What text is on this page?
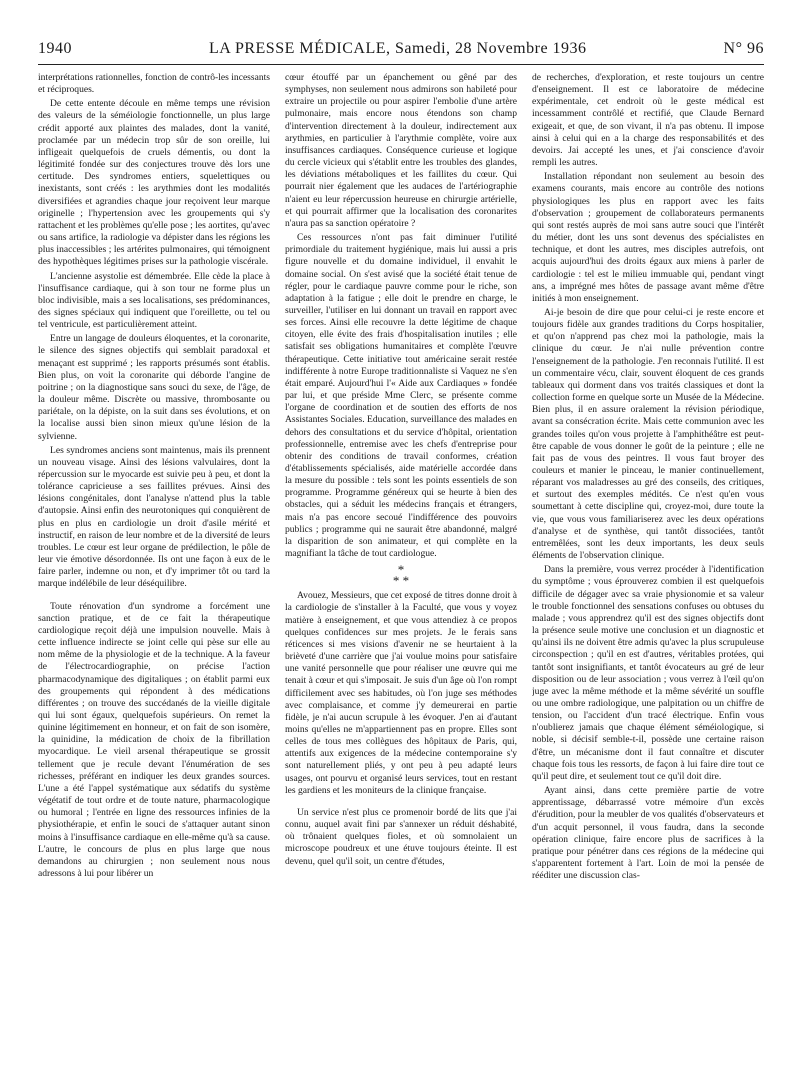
1940	LA PRESSE MÉDICALE, Samedi, 28 Novembre 1936	N° 96

interprétations rationnelles, fonction de contrô-les incessants et réciproques.

De cette entente découle en même temps une révision des valeurs de la séméiologie fonctionnelle, un plus large crédit apporté aux plaintes des malades, dont la vanité, proclamée par un médecin trop sûr de son oreille, lui infligeait quelquefois de cruels démentis, ou dont la légitimité fondée sur des conjectures trouve dès lors une certitude. Des syndromes entiers, squelettiques ou inexistants, sont créés : les arythmies dont les modalités diversifiées et agrandies chaque jour reçoivent leur marque originelle ; l'hypertension avec les groupements qui s'y rattachent et les problèmes qu'elle pose ; les aortites, qu'avec ou sans artifice, la radiologie va dépister dans les régions les plus inaccessibles ; les artérites pulmonaires, qui témoignent des hypothèques légitimes prises sur la pathologie viscérale.

L'ancienne asystolie est démembrée. Elle cède la place à l'insuffisance cardiaque, qui à son tour ne forme plus un bloc indivisible, mais a ses localisations, ses prédominances, des signes spéciaux qui indiquent que l'oreillette, ou tel ou tel ventricule, est particulièrement atteint.

Entre un langage de douleurs éloquentes, et la coronarite, le silence des signes objectifs qui semblait paradoxal et menaçant est supprimé ; les rapports présumés sont établis. Bien plus, on voit la coronarite qui déborde l'angine de poitrine ; on la diagnostique sans souci du sexe, de l'âge, de la douleur même. Discrète ou massive, thrombosante ou pariétale, on la dépiste, on la suit dans ses évolutions, et on la localise aussi bien sinon mieux qu'une lésion de la sylvienne.

Les syndromes anciens sont maintenus, mais ils prennent un nouveau visage. Ainsi des lésions valvulaires, dont la répercussion sur le myocarde est suivie peu à peu, et dont la tolérance capricieuse a ses faillites prévues. Ainsi des lésions congénitales, dont l'analyse n'attend plus la table d'autopsie. Ainsi enfin des neurotoniques qui conquièrent de plus en plus en cardiologie un droit d'asile mérité et instructif, en raison de leur nombre et de la diversité de leurs troubles. Le cœur est leur organe de prédilection, le pôle de leur vie émotive désordonnée. Ils ont une façon à eux de le faire parler, indemne ou non, et d'y imprimer tôt ou tard la marque indélébile de leur déséquilibre.

Toute rénovation d'un syndrome a forcément une sanction pratique, et de ce fait la thérapeutique cardiologique reçoit déjà une impulsion nouvelle. Mais à cette influence indirecte se joint celle qui pèse sur elle au nom même de la physiologie et de la technique. A la faveur de l'électrocardiographie, on précise l'action pharmacodynamique des digitaliques ; on établit parmi eux des groupements qui répondent à des médications différentes ; on trouve des succédanés de la vieille digitale qui lui sont égaux, quelquefois supérieurs. On remet la quinine légitimement en honneur, et on fait de son isomère, la quinidine, la médication de choix de la fibrillation myocardique. Le vieil arsenal thérapeutique se grossit tellement que je recule devant l'énumération de ses richesses, préférant en indiquer les deux grandes sources. L'une a été l'appel systématique aux sédatifs du système végétatif de tout ordre et de toute nature, pharmacologique ou humoral ; l'entrée en ligne des ressources infinies de la physiothérapie, et enfin le souci de s'attaquer autant sinon moins à l'insuffisance cardiaque en elle-même qu'à sa cause. L'autre, le concours de plus en plus large que nous demandons au chirurgien ; non seulement nous nous adressons à lui pour libérer un

cœur étouffé par un épanchement ou gêné par des symphyses, non seulement nous admirons son habileté pour extraire un projectile ou pour aspirer l'embolie d'une artère pulmonaire, mais encore nous étendons son champ d'intervention directement à la douleur, indirectement aux arythmies, en particulier à l'arythmie complète, voire aux insuffisances cardiaques. Conséquence curieuse et logique du cercle vicieux qui s'établit entre les troubles des glandes, les déviations métaboliques et les faillites du cœur. Qui pourrait nier également que les audaces de l'artériographie n'aient eu leur répercussion heureuse en chirurgie artérielle, et qui pourrait affirmer que la localisation des coronarites n'aura pas sa sanction opératoire ?

Ces ressources n'ont pas fait diminuer l'utilité primordiale du traitement hygiénique, mais lui aussi a pris figure nouvelle et du domaine individuel, il envahit le domaine social. On s'est avisé que la société était tenue de régler, pour le cardiaque pauvre comme pour le riche, son adaptation à la fatigue ; elle doit le prendre en charge, le surveiller, l'utiliser en lui donnant un travail en rapport avec ses forces. Ainsi elle recouvre la dette légitime de chaque citoyen, elle évite des frais d'hospitalisation inutiles ; elle satisfait ses obligations humanitaires et complète l'œuvre thérapeutique. Cette initiative tout américaine serait restée indifférente à notre Europe traditionnaliste si Vaquez ne s'en était emparé. Aujourd'hui l'« Aide aux Cardiaques » fondée par lui, et que préside Mme Clerc, se présente comme l'organe de coordination et de soutien des efforts de nos Assistantes Sociales. Education, surveillance des malades en dehors des consultations et du service d'hôpital, orientation professionnelle, entremise avec les chefs d'entreprise pour obtenir des conditions de travail conformes, création d'établissements spécialisés, aide matérielle accordée dans la mesure du possible : tels sont les points essentiels de son programme. Programme généreux qui se heurte à bien des obstacles, qui a séduit les médecins français et étrangers, mais n'a pas encore secoué l'indifférence des pouvoirs publics ; programme qui ne saurait être abandonné, malgré la disparition de son animateur, et qui complète en la magnifiant la tâche de tout cardiologue.

*
* *

Avouez, Messieurs, que cet exposé de titres donne droit à la cardiologie de s'installer à la Faculté, que vous y voyez matière à enseignement, et que vous attendiez à ce propos quelques confidences sur mes projets. Je le ferais sans réticences si mes visions d'avenir ne se heurtaient à la brièveté d'une carrière que j'ai voulue moins pour satisfaire une vanité personnelle que pour réaliser une œuvre qui me tenait à cœur et qui s'imposait. Je suis d'un âge où l'on rompt difficilement avec ses habitudes, où l'on juge ses méthodes avec complaisance, et comme j'y demeurerai en partie fidèle, je n'ai aucun scrupule à les évoquer. J'en ai d'autant moins qu'elles ne m'appartiennent pas en propre. Elles sont celles de tous mes collègues des hôpitaux de Paris, qui, attentifs aux exigences de la médecine contemporaine s'y sont naturellement pliés, y ont peu à peu adapté leurs usages, ont pourvu et organisé leurs services, tout en restant les gardiens et les moniteurs de la clinique française.

Un service n'est plus ce promenoir bordé de lits que j'ai connu, auquel avait fini par s'annexer un réduit déshabité, où trônaient quelques fioles, et où somnolaient un microscope poudreux et une étuve toujours éteinte. Il est devenu, quel qu'il soit, un centre d'études,

de recherches, d'exploration, et reste toujours un centre d'enseignement. Il est ce laboratoire de médecine expérimentale, cet endroit où le geste médical est incessamment contrôlé et rectifié, que Claude Bernard exigeait, et que, de son vivant, il n'a pas obtenu. Il impose ainsi à celui qui en a la charge des responsabilités et des devoirs. Jai accepté les unes, et j'ai conscience d'avoir rempli les autres.

Installation répondant non seulement au besoin des examens courants, mais encore au contrôle des notions physiologiques les plus en rapport avec les faits d'observation ; groupement de collaborateurs permanents qui sont restés auprès de moi sans autre souci que l'intérêt du métier, dont les uns sont devenus des spécialistes en technique, et dont les autres, mes disciples autrefois, ont acquis aujourd'hui des droits égaux aux miens à parler de cardiologie : tel est le milieu immuable qui, pendant vingt ans, a imprégné mes hôtes de passage avant même d'être initiés à mon enseignement.

Ai-je besoin de dire que pour celui-ci je reste encore et toujours fidèle aux grandes traditions du Corps hospitalier, et qu'on n'apprend pas chez moi la pathologie, mais la clinique du cœur. Je n'ai nulle prévention contre l'enseignement de la pathologie. J'en reconnais l'utilité. Il est un commentaire vécu, clair, souvent éloquent de ces grands tableaux qui dorment dans vos traités classiques et dont la collection forme en quelque sorte un Musée de la Médecine. Bien plus, il en assure oralement la révision périodique, avant sa consécration écrite. Mais cette communion avec les grandes toiles qu'on vous projette à l'amphithéâtre est peut-être capable de vous donner le goût de la peinture ; elle ne fait pas de vous des peintres. Il vous faut broyer des couleurs et manier le pinceau, le manier continuellement, réparant vos maladresses au gré des conseils, des critiques, et surtout des exemples médités. Ce n'est qu'en vous soumettant à cette discipline qui, croyez-moi, dure toute la vie, que vous vous familiariserez avec les deux opérations d'analyse et de synthèse, qui tantôt dissociées, tantôt entremêlées, sont les deux importants, les deux seuls éléments de l'observation clinique.

Dans la première, vous verrez procéder à l'identification du symptôme ; vous éprouverez combien il est quelquefois difficile de dégager avec sa vraie physionomie et sa valeur le trouble fonctionnel des sensations confuses ou obtuses du malade ; vous apprendrez qu'il est des signes objectifs dont la présence seule motive une conclusion et un diagnostic et qu'ainsi ils ne doivent être admis qu'avec la plus scrupuleuse circonspection ; qu'il en est d'autres, véritables protées, qui tantôt sont insignifiants, et tantôt évocateurs au gré de leur disposition ou de leur association ; vous verrez à l'œil qu'on juge avec la même méthode et la même sévérité un souffle ou une ombre radiologique, une palpitation ou un chiffre de tension, ou l'accident d'un tracé électrique. Enfin vous n'oublierez jamais que chaque élément séméiologique, si noble, si décisif semble-t-il, possède une certaine raison d'être, un mécanisme dont il faut connaître et discuter chaque fois tous les ressorts, de façon à lui faire dire tout ce qu'il peut dire, et seulement tout ce qu'il doit dire.

Ayant ainsi, dans cette première partie de votre apprentissage, débarrassé votre mémoire d'un excès d'érudition, pour la meubler de vos qualités d'observateurs et d'un acquit personnel, il vous faudra, dans la seconde opération clinique, faire encore plus de sacrifices à la pratique pour pénétrer dans ces régions de la médecine qui s'apparentent fortement à l'art. Loin de moi la pensée de rééditer une discussion clas-
